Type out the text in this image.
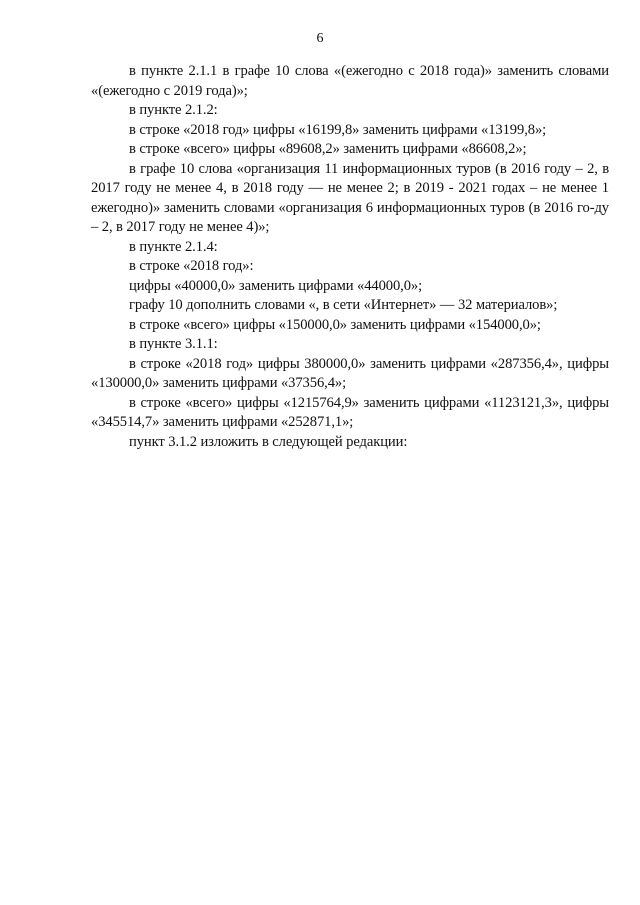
6

в пункте 2.1.1 в графе 10 слова «(ежегодно с 2018 года)» заменить словами «(ежегодно с 2019 года)»;

в пункте 2.1.2:

в строке «2018 год» цифры «16199,8» заменить цифрами «13199,8»;

в строке «всего» цифры «89608,2» заменить цифрами «86608,2»;

в графе 10 слова «организация 11 информационных туров (в 2016 году – 2, в 2017 году не менее 4, в 2018 году — не менее 2; в 2019 - 2021 годах – не менее 1 ежегодно)» заменить словами «организация 6 информационных туров (в 2016 го-ду – 2, в 2017 году не менее 4)»;

в пункте 2.1.4:

в строке «2018 год»:

цифры «40000,0» заменить цифрами «44000,0»;

графу 10 дополнить словами «, в сети «Интернет» — 32 материалов»;

в строке «всего» цифры «150000,0» заменить цифрами «154000,0»;

в пункте 3.1.1:

в строке «2018 год» цифры 380000,0» заменить цифрами «287356,4», цифры «130000,0» заменить цифрами «37356,4»;

в строке «всего» цифры «1215764,9» заменить цифрами «1123121,3», цифры «345514,7» заменить цифрами «252871,1»;

пункт 3.1.2 изложить в следующей редакции:
